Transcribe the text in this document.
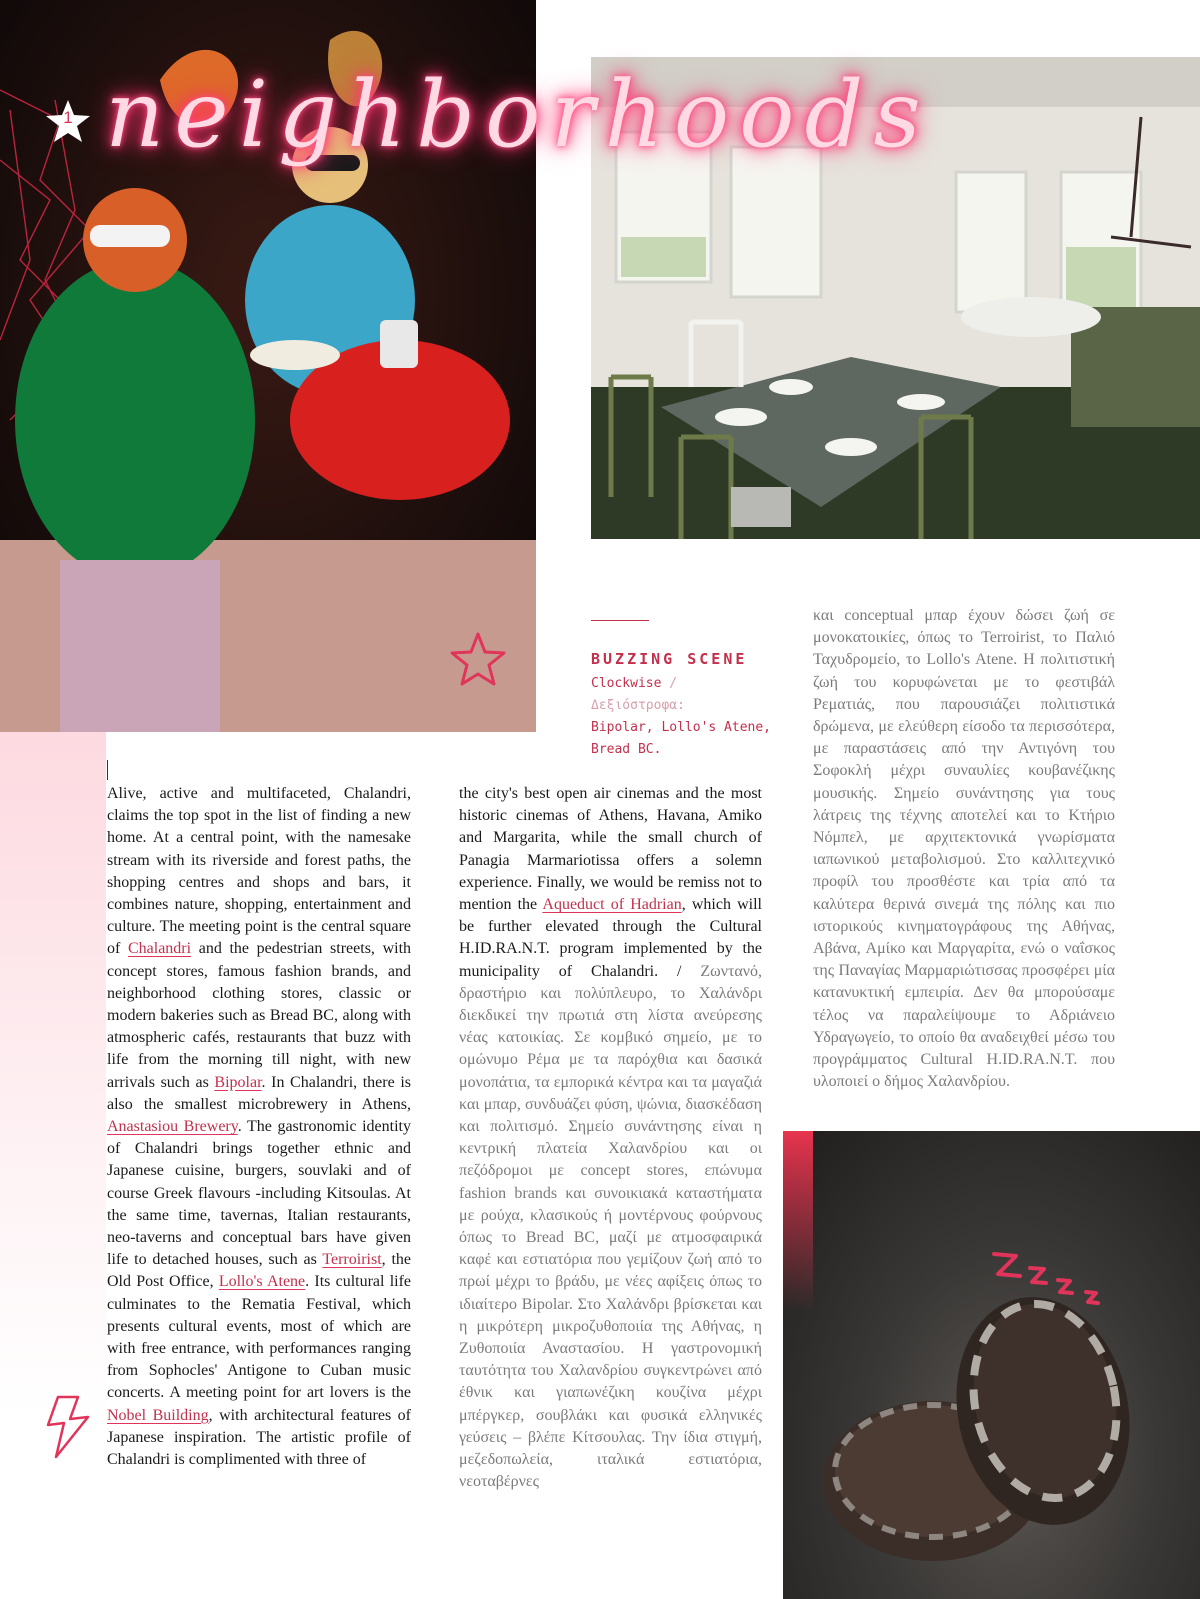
neighborhoods
1
BUZZING SCENE
Clockwise / Δεξιόστροφα:
Bipolar, Lollo's Atene, Bread BC.
Alive, active and multifaceted, Chalandri, claims the top spot in the list of finding a new home. At a central point, with the namesake stream with its riverside and forest paths, the shopping centres and shops and bars, it combines nature, shopping, entertainment and culture. The meeting point is the central square of Chalandri and the pedestrian streets, with concept stores, famous fashion brands, and neighborhood clothing stores, classic or modern bakeries such as Bread BC, along with atmospheric cafés, restaurants that buzz with life from the morning till night, with new arrivals such as Bipolar. In Chalandri, there is also the smallest microbrewery in Athens, Anastasiou Brewery. The gastronomic identity of Chalandri brings together ethnic and Japanese cuisine, burgers, souvlaki and of course Greek flavours -including Kitsoulas. At the same time, tavernas, Italian restaurants, neo-taverns and conceptual bars have given life to detached houses, such as Terroirist, the Old Post Office, Lollo's Atene. Its cultural life culminates to the Rematia Festival, which presents cultural events, most of which are with free entrance, with performances ranging from Sophocles' Antigone to Cuban music concerts. A meeting point for art lovers is the Nobel Building, with architectural features of Japanese inspiration. The artistic profile of Chalandri is complimented with three of
the city's best open air cinemas and the most historic cinemas of Athens, Havana, Amiko and Margarita, while the small church of Panagia Marmariotissa offers a solemn experience. Finally, we would be remiss not to mention the Aqueduct of Hadrian, which will be further elevated through the Cultural H.ID.RA.N.T. program implemented by the municipality of Chalandri. / Ζωντανό, δραστήριο και πολύπλευρο, το Χαλάνδρι διεκδικεί την πρωτιά στη λίστα ανεύρεσης νέας κατοικίας. Σε κομβικό σημείο, με το ομώνυμο Ρέμα με τα παρόχθια και δασικά μονοπάτια, τα εμπορικά κέντρα και τα μαγαζιά και μπαρ, συνδυάζει φύση, ψώνια, διασκέδαση και πολιτισμό. Σημείο συνάντησης είναι η κεντρική πλατεία Χαλανδρίου και οι πεζόδρομοι με concept stores, επώνυμα fashion brands και συνοικιακά καταστήματα με ρούχα, κλασικούς ή μοντέρνους φούρνους όπως το Bread BC, μαζί με ατμοσφαιρικά καφέ και εστιατόρια που γεμίζουν ζωή από το πρωί μέχρι το βράδυ, με νέες αφίξεις όπως το ιδιαίτερο Bipolar. Στο Χαλάνδρι βρίσκεται και η μικρότερη μικροζυθοποιία της Αθήνας, η Ζυθοποιία Αναστασίου. Η γαστρονομική ταυτότητα του Χαλανδρίου συγκεντρώνει από έθνικ και γιαπωνέζικη κουζίνα μέχρι μπέργκερ, σουβλάκι και φυσικά ελληνικές γεύσεις – βλέπε Κίτσουλας. Την ίδια στιγμή, μεζεδοπωλεία, ιταλικά εστιατόρια, νεοταβέρνες
και conceptual μπαρ έχουν δώσει ζωή σε μονοκατοικίες, όπως το Terroirist, το Παλιό Ταχυδρομείο, το Lollo's Atene. Η πολιτιστική ζωή του κορυφώνεται με το φεστιβάλ Ρεματιάς, που παρουσιάζει πολιτιστικά δρώμενα, με ελεύθερη είσοδο τα περισσότερα, με παραστάσεις από την Αντιγόνη του Σοφοκλή μέχρι συναυλίες κουβανέζικης μουσικής. Σημείο συνάντησης για τους λάτρεις της τέχνης αποτελεί και το Κτήριο Νόμπελ, με αρχιτεκτονικά γνωρίσματα ιαπωνικού μεταβολισμού. Στο καλλιτεχνικό προφίλ του προσθέστε και τρία από τα καλύτερα θερινά σινεμά της πόλης και πιο ιστορικούς κινηματογράφους της Αθήνας, Αβάνα, Αμίκο και Μαργαρίτα, ενώ ο ναΐσκος της Παναγίας Μαρμαριώτισσας προσφέρει μία κατανυκτική εμπειρία. Δεν θα μπορούσαμε τέλος να παραλείψουμε το Αδριάνειο Υδραγωγείο, το οποίο θα αναδειχθεί μέσω του προγράμματος Cultural H.ID.RA.N.T. που υλοποιεί ο δήμος Χαλανδρίου.
